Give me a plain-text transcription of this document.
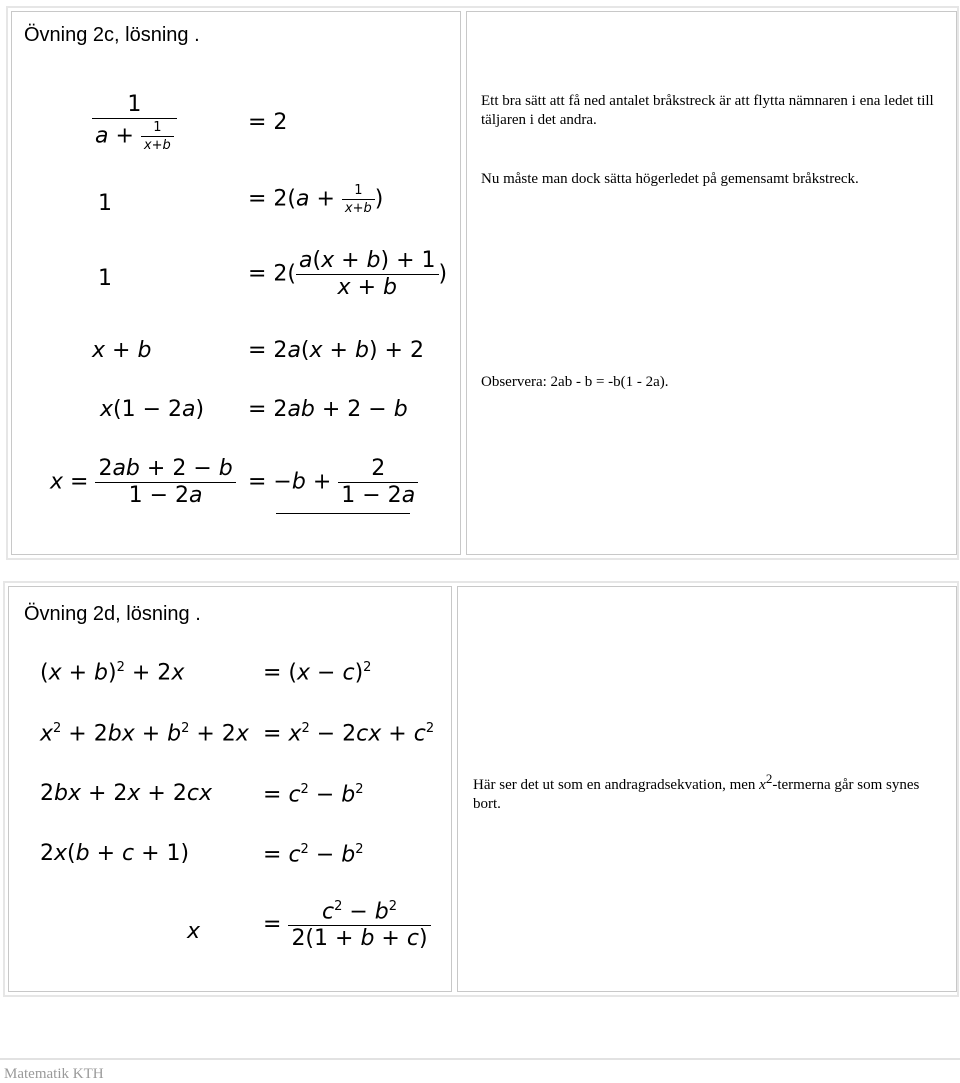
Övning 2c, lösning .
$\frac{1}{a + \frac{1}{x+b}}$	= 2
1	= $2(a + \frac{1}{x+b}$ )
1	= $2( \frac{a(x + b) + 1}{x + b}$ )
x + b	= 2a(x + b) + 2
x(1 − 2a) = 2ab + 2 − b
$x = \frac{2ab + 2 - b}{1 - 2a} = -b + \frac{2}{1 - 2a}$
Ett bra sätt att få ned antalet bråkstreck är att flytta nämnaren i ena ledet till täljaren i det andra.
Nu måste man dock sätta högerledet på gemensamt bråkstreck.
Observera: 2ab - b = -b(1 - 2a).
Övning 2d, lösning .
$(x + b)^2 + 2x$	= $(x - c)^2$
$x^2 + 2bx + b^2 + 2x = x^2 - 2cx + c^2$
$2bx + 2x + 2cx = c^2 - b^2$
2x(b + c + 1)	= $c^2 - b^2$
x	= $\frac{c^2 - b^2}{2(1 + b + c)}$
Här ser det ut som en andragradsekvation, men x2-termerna går som synes bort.
Matematik KTH
